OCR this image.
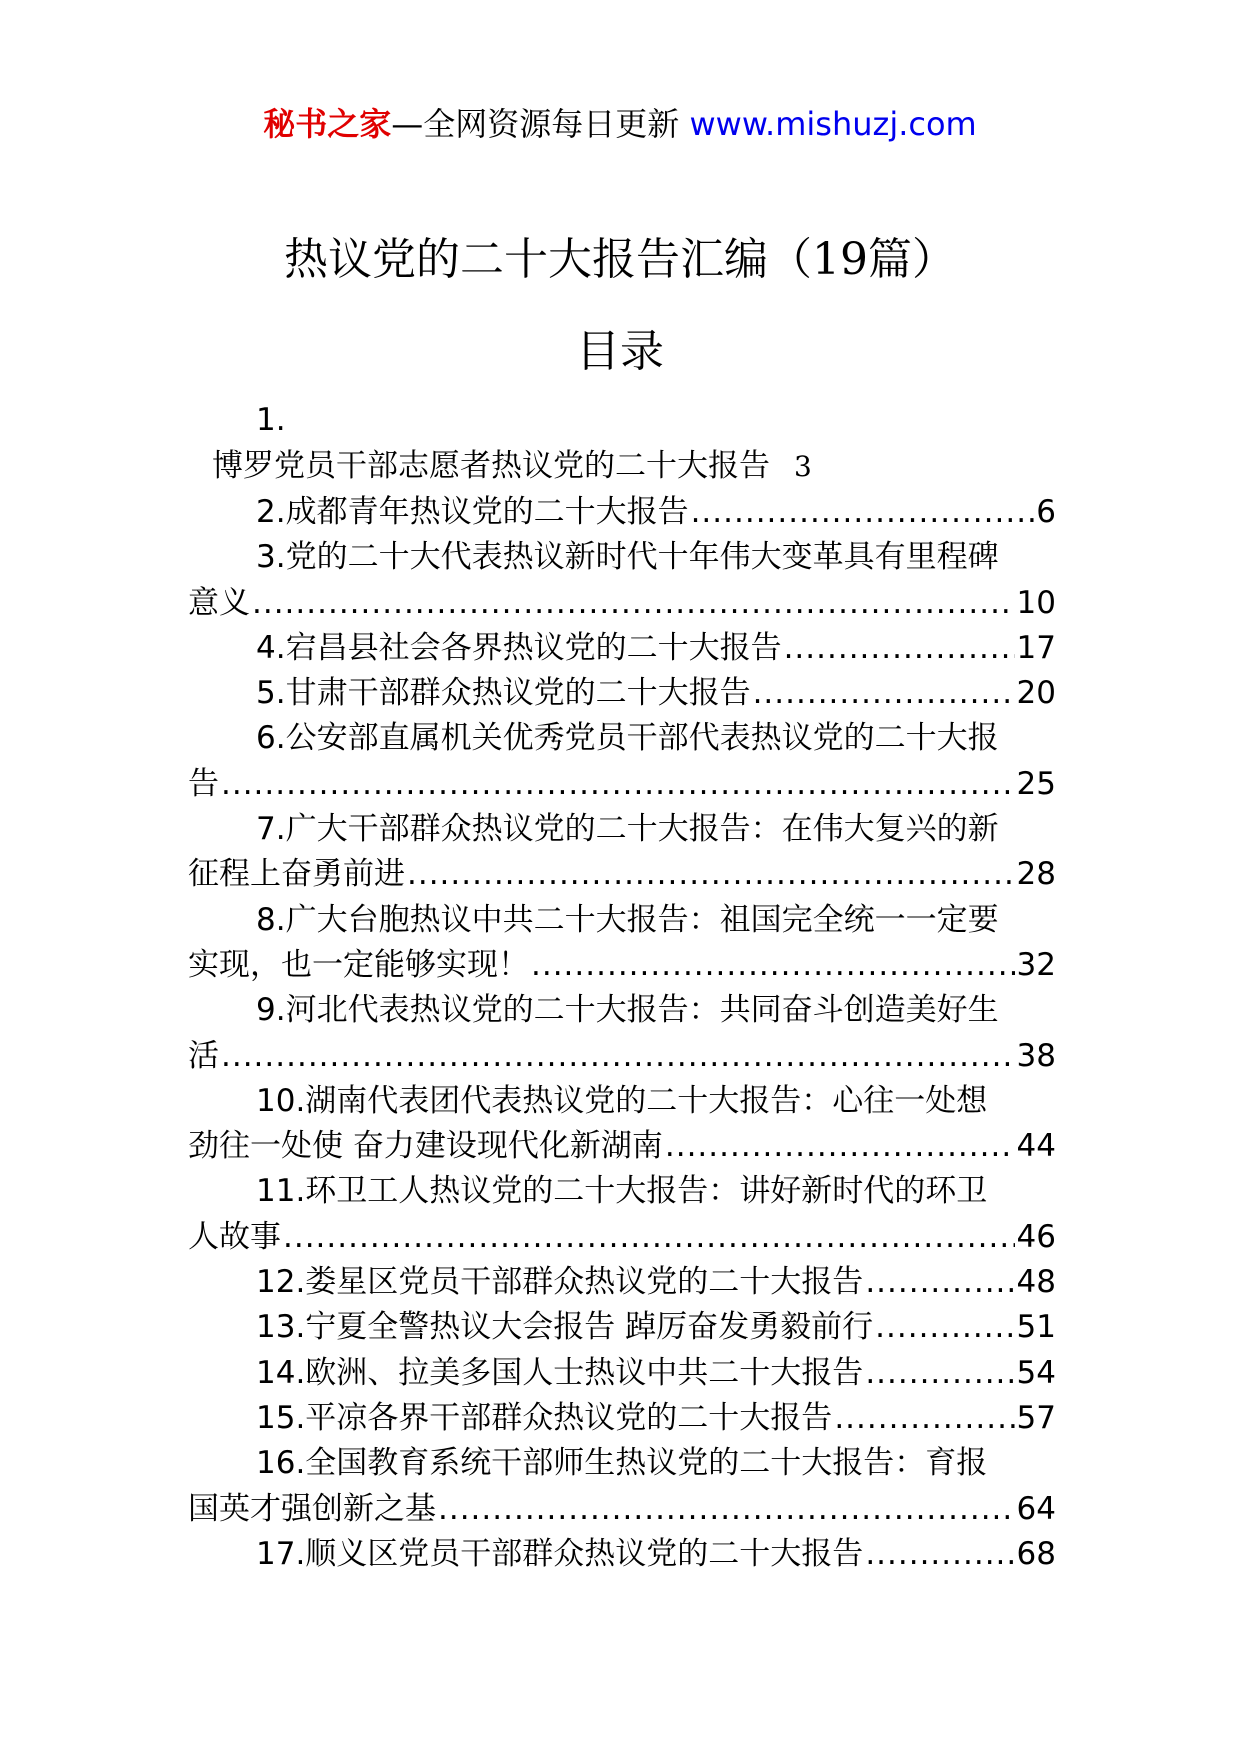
秘书之家—全网资源每日更新 www.mishuzj.com
热议党的二十大报告汇编（19篇）
目录
1.
博罗党员干部志愿者热议党的二十大报告 3
2.成都青年热议党的二十大报告 .....	6
3.党的二十大代表热议新时代十年伟大变革具有里程碑
意义 .....	10
4.宕昌县社会各界热议党的二十大报告 .....	17
5.甘肃干部群众热议党的二十大报告 .....	20
6.公安部直属机关优秀党员干部代表热议党的二十大报
告 .....	25
7.广大干部群众热议党的二十大报告：在伟大复兴的新
征程上奋勇前进 .....	28
8.广大台胞热议中共二十大报告：祖国完全统一一定要
实现，也一定能够实现！ .....	32
9.河北代表热议党的二十大报告：共同奋斗创造美好生
活 .....	38
10.湖南代表团代表热议党的二十大报告：心往一处想
劲往一处使 奋力建设现代化新湖南 .....	44
11.环卫工人热议党的二十大报告：讲好新时代的环卫
人故事 .....	46
12.娄星区党员干部群众热议党的二十大报告 .....	48
13.宁夏全警热议大会报告 踔厉奋发勇毅前行 .....	51
14.欧洲、拉美多国人士热议中共二十大报告 .....	54
15.平凉各界干部群众热议党的二十大报告 .....	57
16.全国教育系统干部师生热议党的二十大报告：育报
国英才强创新之基 .....	64
17.顺义区党员干部群众热议党的二十大报告 .....	68
